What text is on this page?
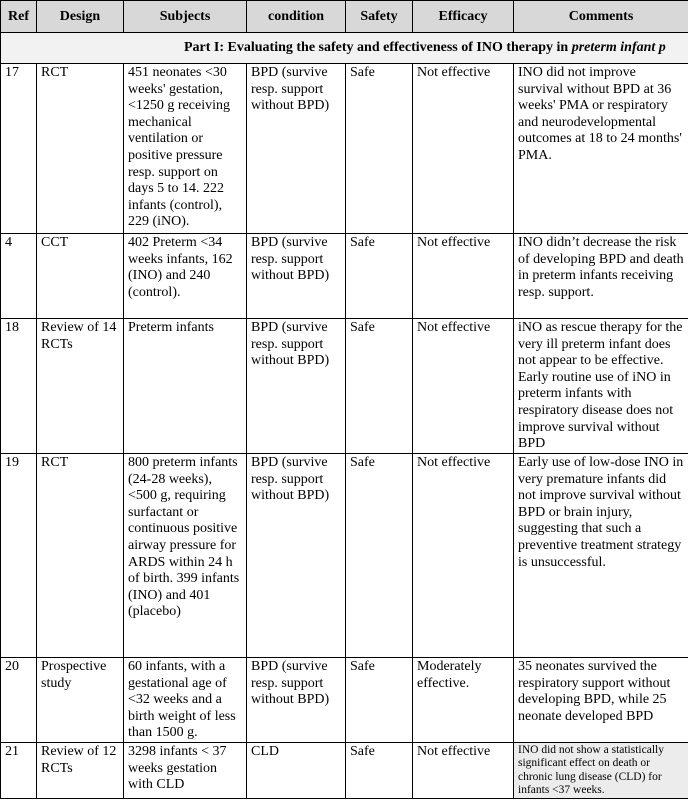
Ref	Design	Subjects	condition	Safety	Efficacy	Comments
Part I: Evaluating the safety and effectiveness of INO therapy in preterm infant p						
17	RCT	451 neonates <30 weeks' gestation, <1250 g receiving mechanical ventilation or positive pressure resp. support on days 5 to 14. 222 infants (control), 229 (iNO).	BPD (survive resp. support without BPD)	Safe	Not effective	INO did not improve survival without BPD at 36 weeks' PMA or respiratory and neurodevelopmental outcomes at 18 to 24 months' PMA.
4	CCT	402 Preterm <34 weeks infants, 162 (INO) and 240 (control).	BPD (survive resp. support without BPD)	Safe	Not effective	INO didn’t decrease the risk of developing BPD and death in preterm infants receiving resp. support.
18	Review of 14 RCTs	Preterm infants	BPD (survive resp. support without BPD)	Safe	Not effective	iNO as rescue therapy for the very ill preterm infant does not appear to be effective. Early routine use of iNO in preterm infants with respiratory disease does not improve survival without BPD
19	RCT	800 preterm infants (24-28 weeks), <500 g, requiring surfactant or continuous positive airway pressure for ARDS within 24 h of birth. 399 infants (INO) and 401 (placebo)	BPD (survive resp. support without BPD)	Safe	Not effective	Early use of low-dose INO in very premature infants did not improve survival without BPD or brain injury, suggesting that such a preventive treatment strategy is unsuccessful.
20	Prospective study	60 infants, with a gestational age of <32 weeks and a birth weight of less than 1500 g.	BPD (survive resp. support without BPD)	Safe	Moderately effective.	35 neonates survived the respiratory support without developing BPD, while 25 neonate developed BPD
21	Review of 12 RCTs	3298 infants < 37 weeks gestation with CLD	CLD	Safe	Not effective	INO did not show a statistically significant effect on death or chronic lung disease (CLD) for infants <37 weeks.
